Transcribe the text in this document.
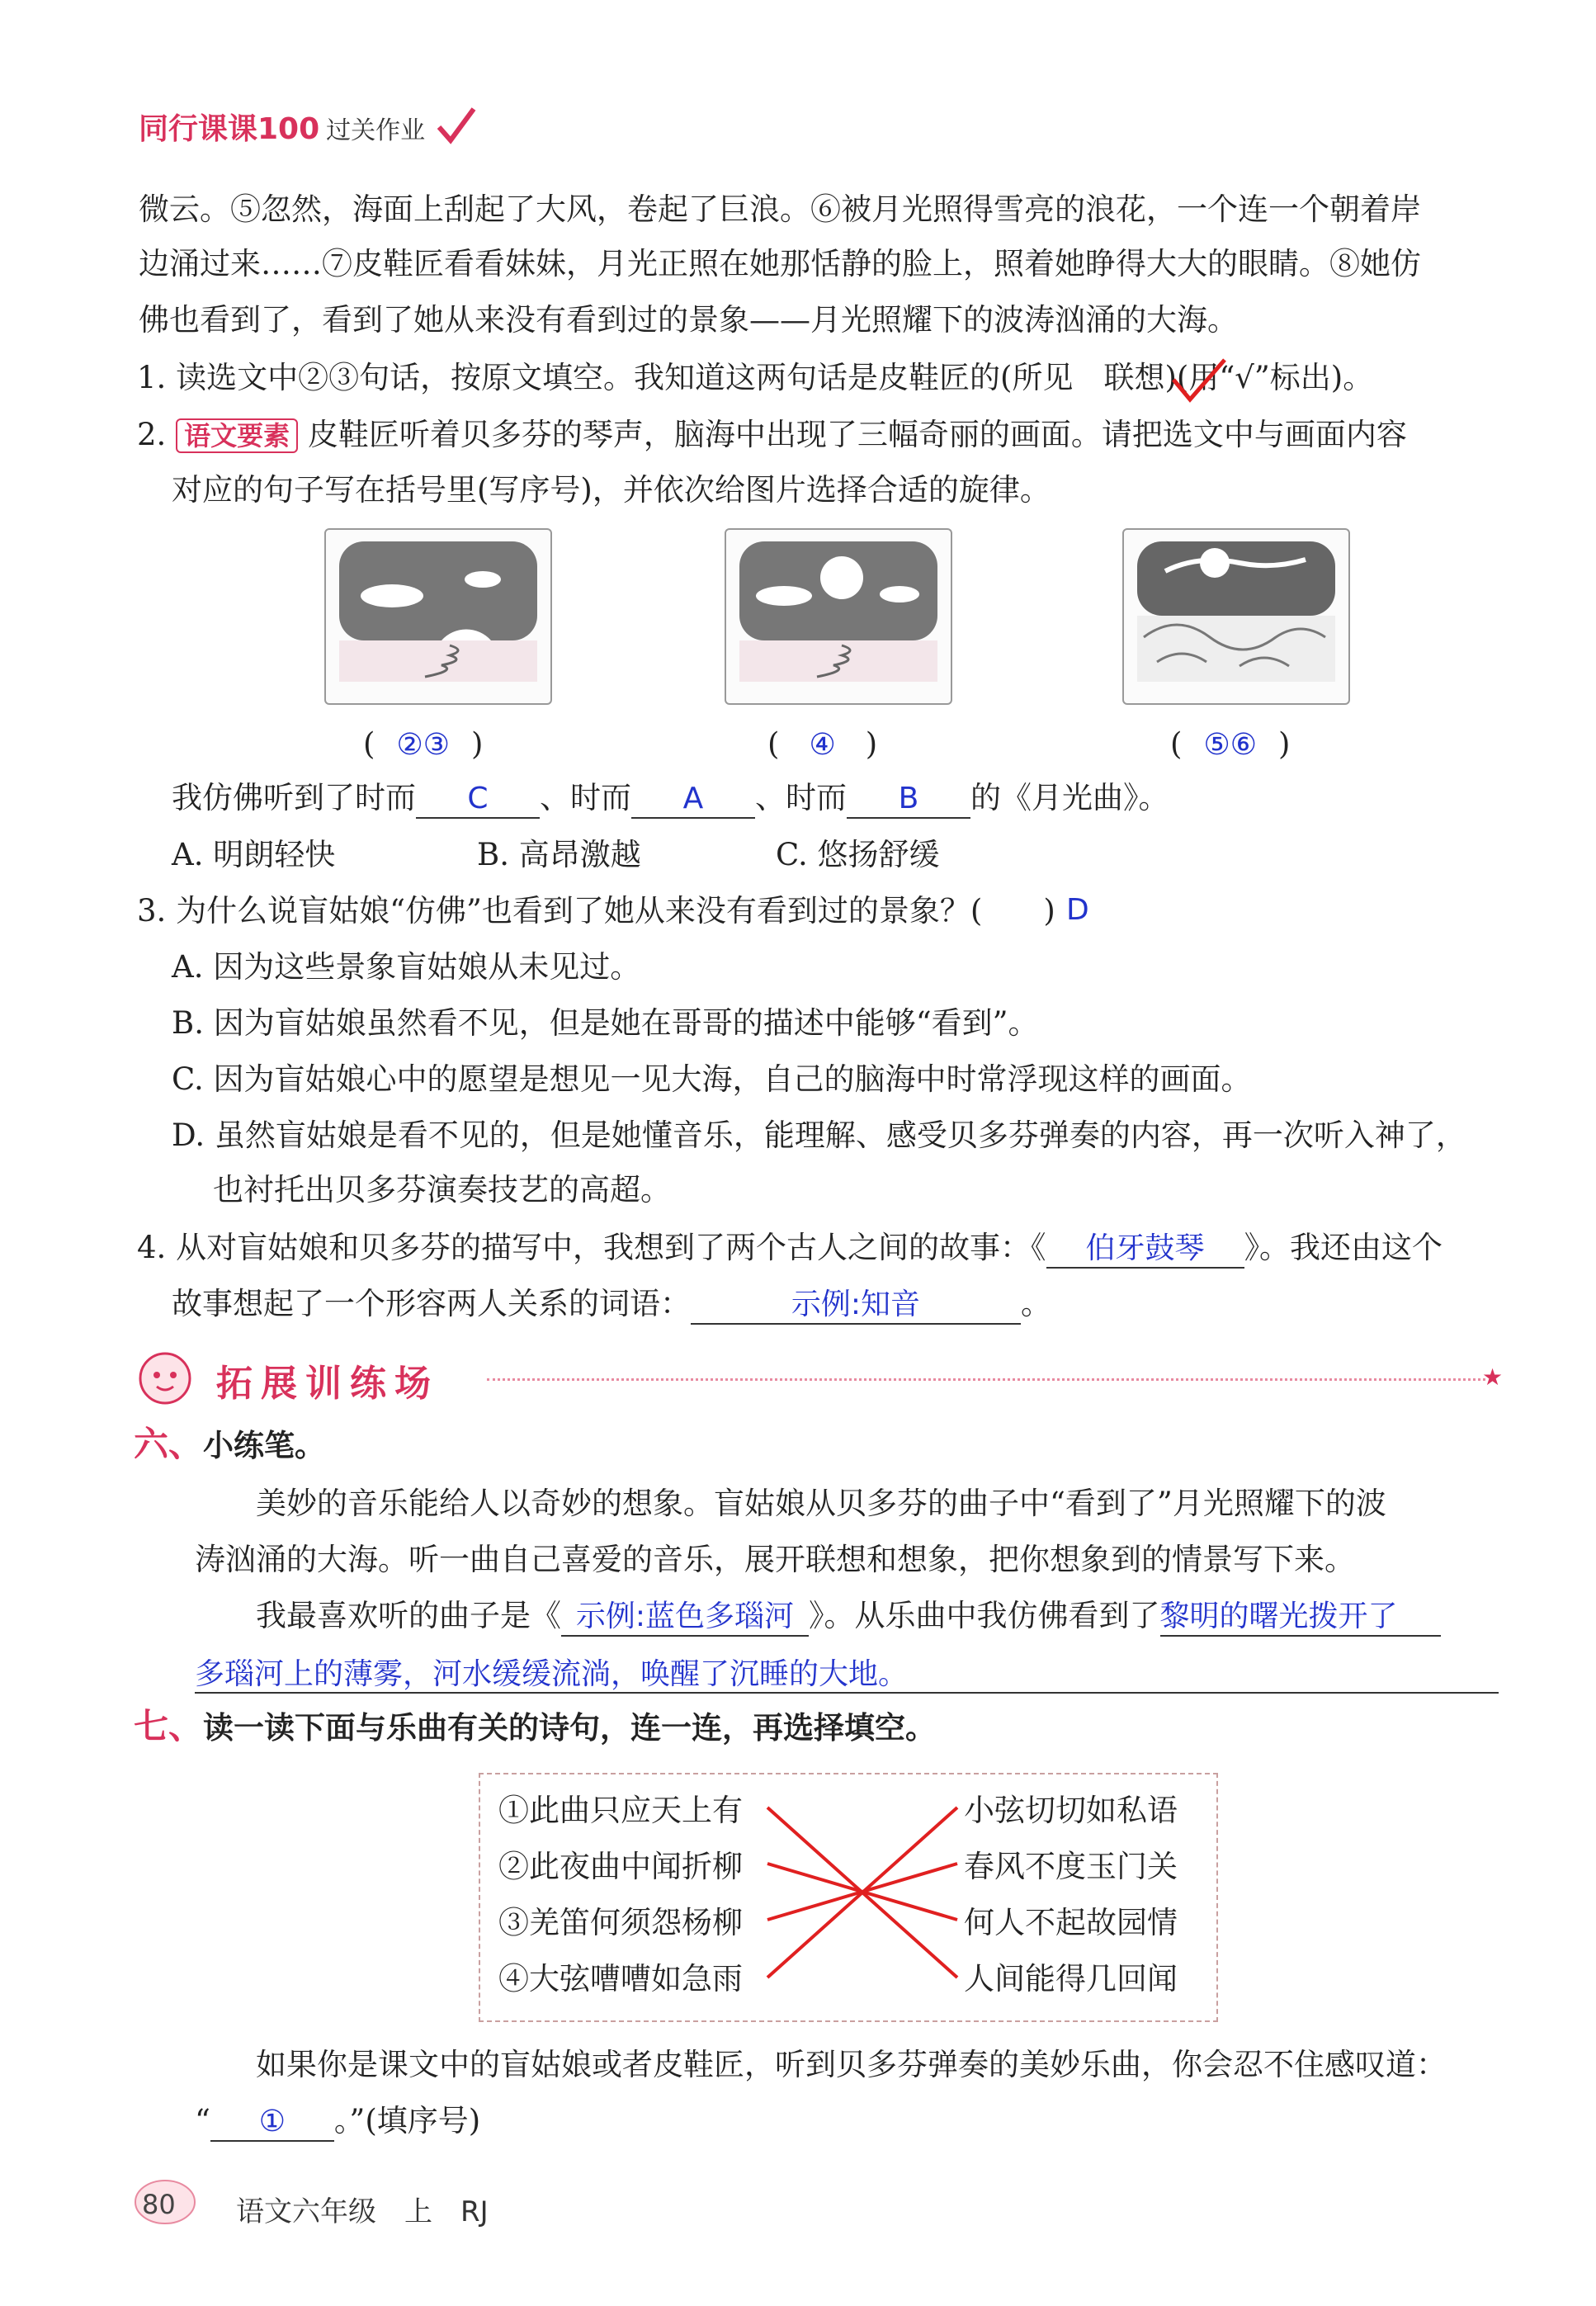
同行课课100 过关作业
微云。⑤忽然，海面上刮起了大风，卷起了巨浪。⑥被月光照得雪亮的浪花，一个连一个朝着岸
边涌过来……⑦皮鞋匠看看妹妹，月光正照在她那恬静的脸上，照着她睁得大大的眼睛。⑧她仿
佛也看到了，看到了她从来没有看到过的景象——月光照耀下的波涛汹涌的大海。
1. 读选文中②③句话，按原文填空。我知道这两句话是皮鞋匠的(所见　联想)(用“√”标出)。
2. 语文要素 皮鞋匠听着贝多芬的琴声，脑海中出现了三幅奇丽的画面。请把选文中与画面内容
对应的句子写在括号里(写序号)，并依次给图片选择合适的旋律。
( ②③ )	( ④ )	( ⑤⑥ )
我仿佛听到了时而 C 、时而 A 、时而 B 的《月光曲》。
A. 明朗轻快	B. 高昂激越	C. 悠扬舒缓
3. 为什么说盲姑娘“仿佛”也看到了她从来没有看到过的景象？(　　) D
A. 因为这些景象盲姑娘从未见过。
B. 因为盲姑娘虽然看不见，但是她在哥哥的描述中能够“看到”。
C. 因为盲姑娘心中的愿望是想见一见大海，自己的脑海中时常浮现这样的画面。
D. 虽然盲姑娘是看不见的，但是她懂音乐，能理解、感受贝多芬弹奏的内容，再一次听入神了，
也衬托出贝多芬演奏技艺的高超。
4. 从对盲姑娘和贝多芬的描写中，我想到了两个古人之间的故事：《 伯牙鼓琴 》。我还由这个
故事想起了一个形容两人关系的词语：	示例:知音	。
拓展训练场	★
六、小练笔。
美妙的音乐能给人以奇妙的想象。盲姑娘从贝多芬的曲子中“看到了”月光照耀下的波
涛汹涌的大海。听一曲自己喜爱的音乐，展开联想和想象，把你想象到的情景写下来。
我最喜欢听的曲子是《 示例:蓝色多瑙河 》。从乐曲中我仿佛看到了黎明的曙光拨开了
多瑙河上的薄雾，河水缓缓流淌，唤醒了沉睡的大地。
七、读一读下面与乐曲有关的诗句，连一连，再选择填空。
①此曲只应天上有
②此夜曲中闻折柳
③羌笛何须怨杨柳
④大弦嘈嘈如急雨
小弦切切如私语
春风不度玉门关
何人不起故园情
人间能得几回闻
如果你是课文中的盲姑娘或者皮鞋匠，听到贝多芬弹奏的美妙乐曲，你会忍不住感叹道：
“ ① 。”(填序号)
80 语文六年级 上 RJ
